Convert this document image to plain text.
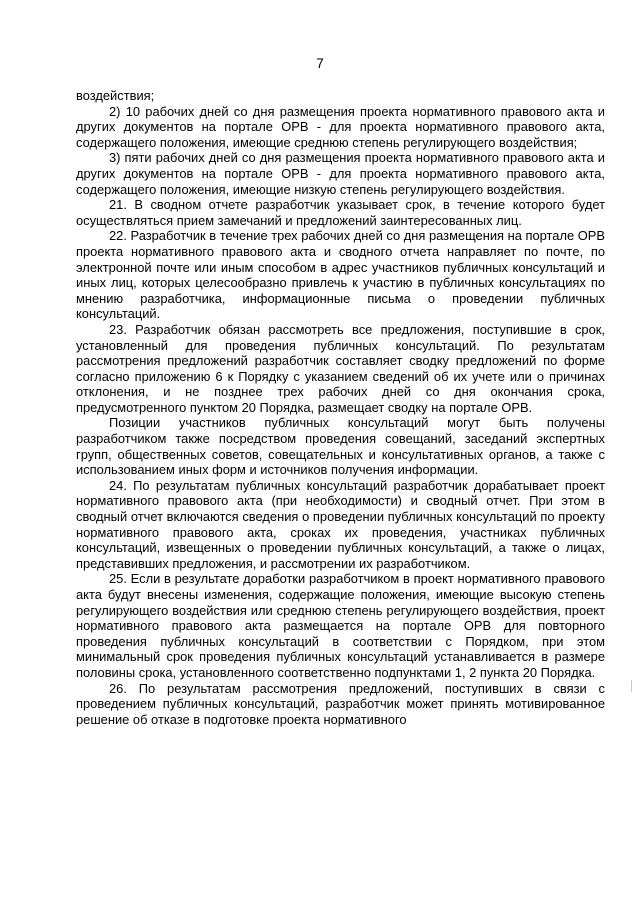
7

воздействия;

2) 10 рабочих дней со дня размещения проекта нормативного правового акта и других документов на портале ОРВ - для проекта нормативного правового акта, содержащего положения, имеющие среднюю степень регулирующего воздействия;

3) пяти рабочих дней со дня размещения проекта нормативного правового акта и других документов на портале ОРВ - для проекта нормативного правового акта, содержащего положения, имеющие низкую степень регулирующего воздействия.

21. В сводном отчете разработчик указывает срок, в течение которого будет осуществляться прием замечаний и предложений заинтересованных лиц.

22. Разработчик в течение трех рабочих дней со дня размещения на портале ОРВ проекта нормативного правового акта и сводного отчета направляет по почте, по электронной почте или иным способом в адрес участников публичных консультаций и иных лиц, которых целесообразно привлечь к участию в публичных консультациях по мнению разработчика, информационные письма о проведении публичных консультаций.

23. Разработчик обязан рассмотреть все предложения, поступившие в срок, установленный для проведения публичных консультаций. По результатам рассмотрения предложений разработчик составляет сводку предложений по форме согласно приложению 6 к Порядку с указанием сведений об их учете или о причинах отклонения, и не позднее трех рабочих дней со дня окончания срока, предусмотренного пунктом 20 Порядка, размещает сводку на портале ОРВ.

Позиции участников публичных консультаций могут быть получены разработчиком также посредством проведения совещаний, заседаний экспертных групп, общественных советов, совещательных и консультативных органов, а также с использованием иных форм и источников получения информации.

24. По результатам публичных консультаций разработчик дорабатывает проект нормативного правового акта (при необходимости) и сводный отчет. При этом в сводный отчет включаются сведения о проведении публичных консультаций по проекту нормативного правового акта, сроках их проведения, участниках публичных консультаций, извещенных о проведении публичных консультаций, а также о лицах, представивших предложения, и рассмотрении их разработчиком.

25. Если в результате доработки разработчиком в проект нормативного правового акта будут внесены изменения, содержащие положения, имеющие высокую степень регулирующего воздействия или среднюю степень регулирующего воздействия, проект нормативного правового акта размещается на портале ОРВ для повторного проведения публичных консультаций в соответствии с Порядком, при этом минимальный срок проведения публичных консультаций устанавливается в размере половины срока, установленного соответственно подпунктами 1, 2 пункта 20 Порядка.

26. По результатам рассмотрения предложений, поступивших в связи с проведением публичных консультаций, разработчик может принять мотивированное решение об отказе в подготовке проекта нормативного
